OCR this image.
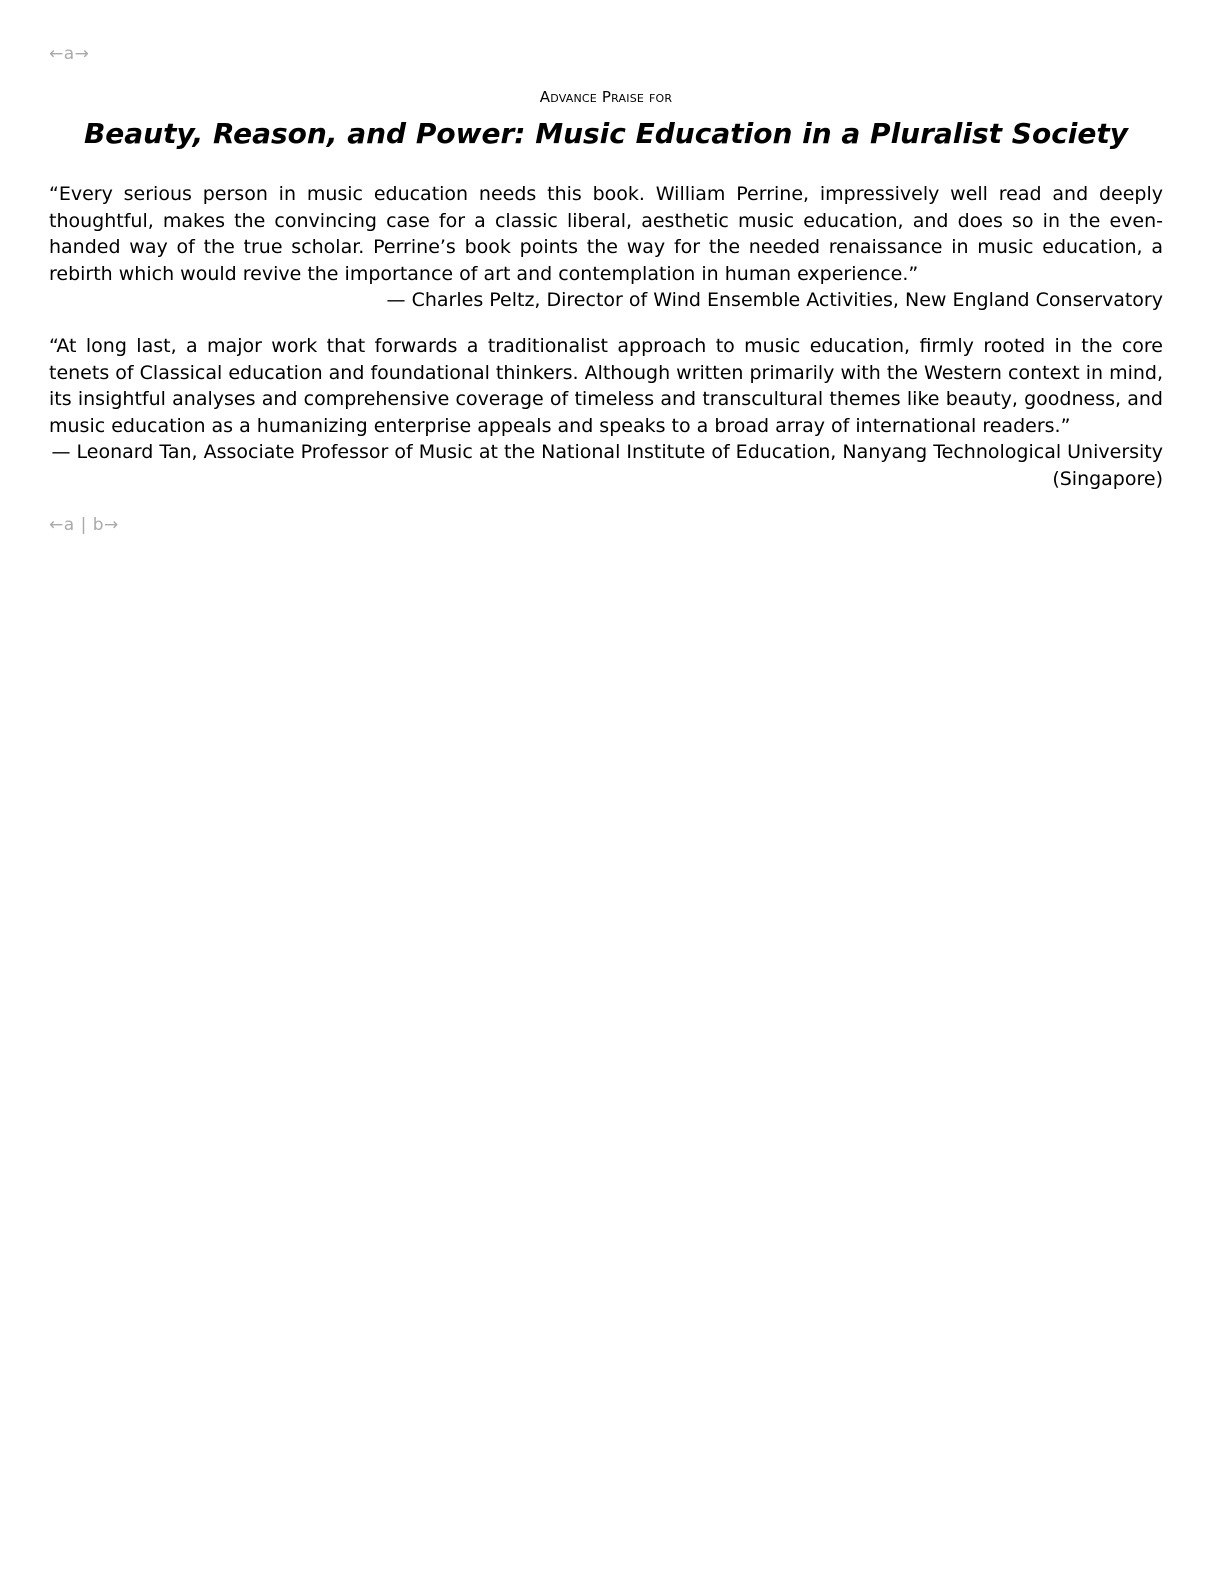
←a→
Advance Praise for
Beauty, Reason, and Power: Music Education in a Pluralist Society
“Every serious person in music education needs this book. William Perrine, impressively well read and deeply thoughtful, makes the convincing case for a classic liberal, aesthetic music education, and does so in the even- handed way of the true scholar. Perrine’s book points the way for the needed renaissance in music education, a rebirth which would revive the importance of art and contemplation in human experience.”
— Charles Peltz, Director of Wind Ensemble Activities, New England Conservatory
“At long last, a major work that forwards a traditionalist approach to music education, firmly rooted in the core tenets of Classical education and foundational thinkers. Although written primarily with the Western context in mind, its insightful analyses and comprehensive coverage of timeless and transcultural themes like beauty, goodness, and music education as a humanizing enterprise appeals and speaks to a broad array of international readers.”
— Leonard Tan, Associate Professor of Music at the National Institute of Education, Nanyang Technological University (Singapore)
←a | b→
